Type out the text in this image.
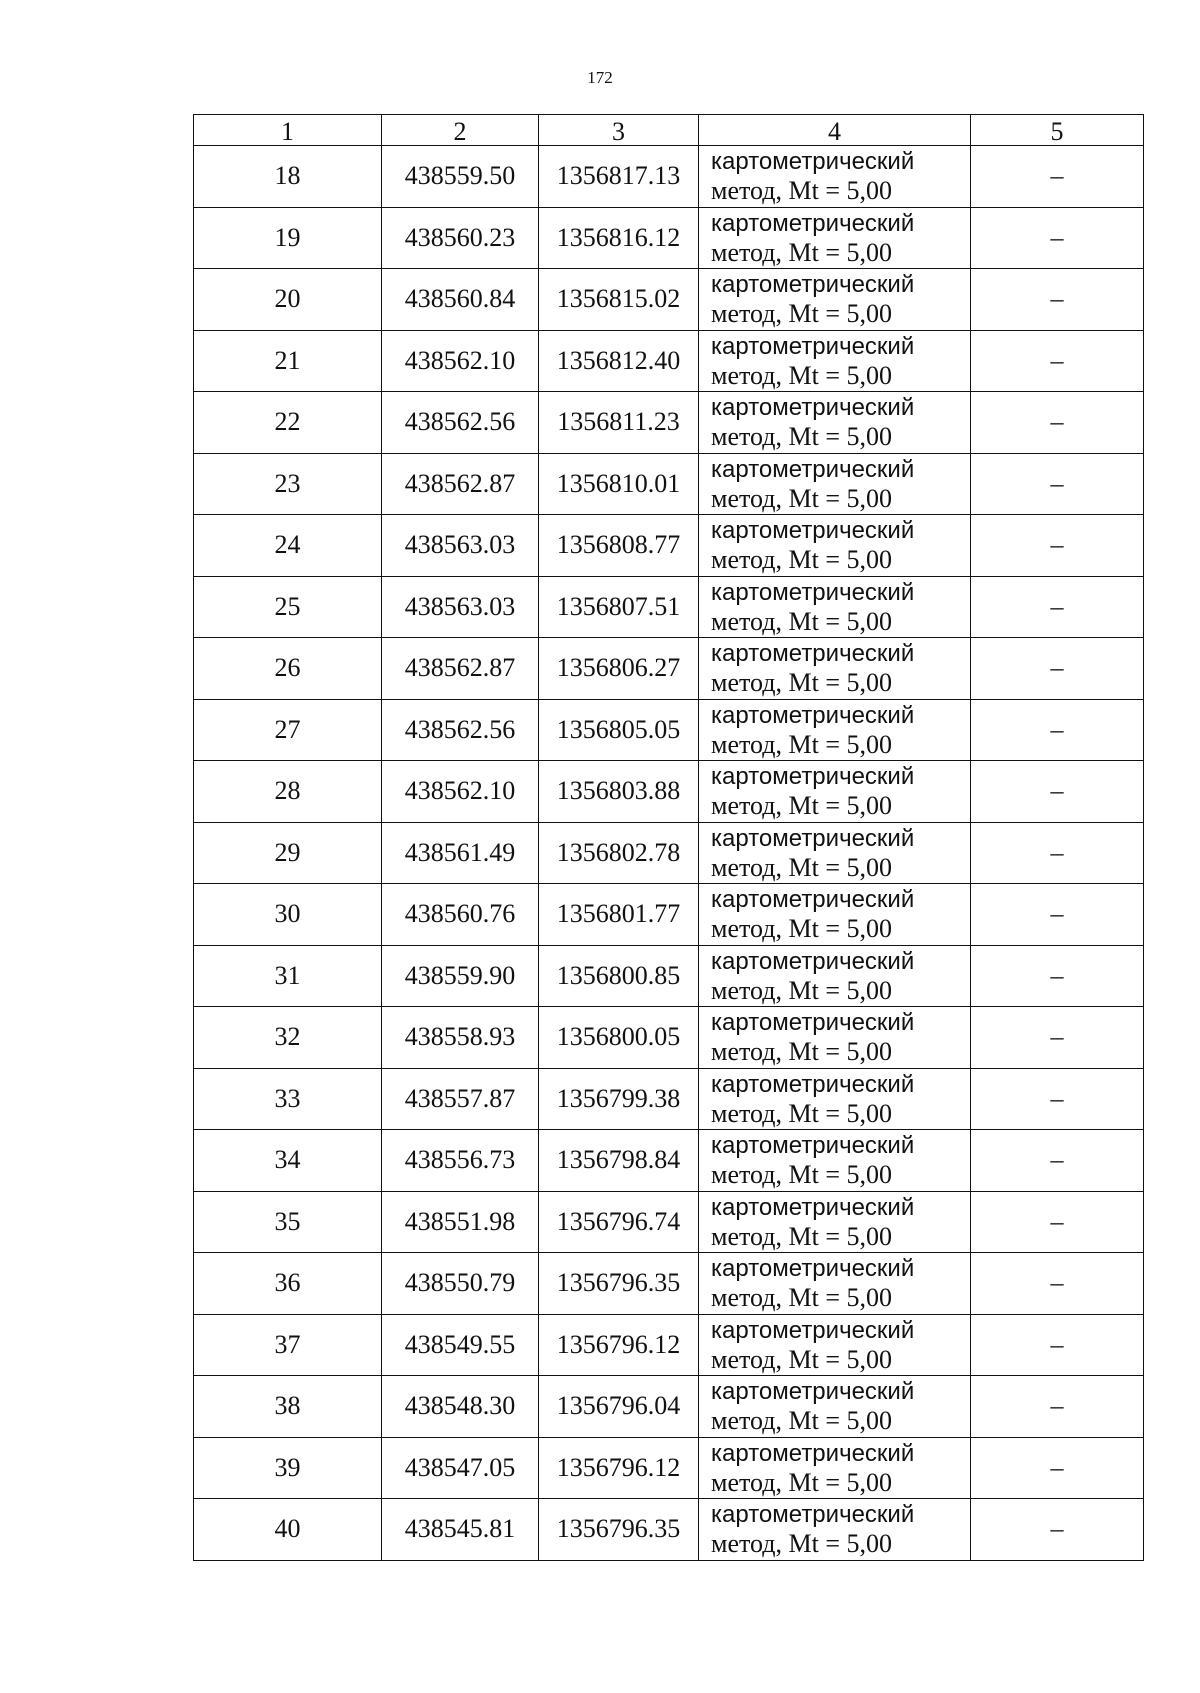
172
1	2	3	4	5
18	438559.50	1356817.13	картометрический
метод, Mt = 5,00	–
19	438560.23	1356816.12	картометрический
метод, Mt = 5,00	–
20	438560.84	1356815.02	картометрический
метод, Mt = 5,00	–
21	438562.10	1356812.40	картометрический
метод, Mt = 5,00	–
22	438562.56	1356811.23	картометрический
метод, Mt = 5,00	–
23	438562.87	1356810.01	картометрический
метод, Mt = 5,00	–
24	438563.03	1356808.77	картометрический
метод, Mt = 5,00	–
25	438563.03	1356807.51	картометрический
метод, Mt = 5,00	–
26	438562.87	1356806.27	картометрический
метод, Mt = 5,00	–
27	438562.56	1356805.05	картометрический
метод, Mt = 5,00	–
28	438562.10	1356803.88	картометрический
метод, Mt = 5,00	–
29	438561.49	1356802.78	картометрический
метод, Mt = 5,00	–
30	438560.76	1356801.77	картометрический
метод, Mt = 5,00	–
31	438559.90	1356800.85	картометрический
метод, Mt = 5,00	–
32	438558.93	1356800.05	картометрический
метод, Mt = 5,00	–
33	438557.87	1356799.38	картометрический
метод, Mt = 5,00	–
34	438556.73	1356798.84	картометрический
метод, Mt = 5,00	–
35	438551.98	1356796.74	картометрический
метод, Mt = 5,00	–
36	438550.79	1356796.35	картометрический
метод, Mt = 5,00	–
37	438549.55	1356796.12	картометрический
метод, Mt = 5,00	–
38	438548.30	1356796.04	картометрический
метод, Mt = 5,00	–
39	438547.05	1356796.12	картометрический
метод, Mt = 5,00	–
40	438545.81	1356796.35	картометрический
метод, Mt = 5,00	–
